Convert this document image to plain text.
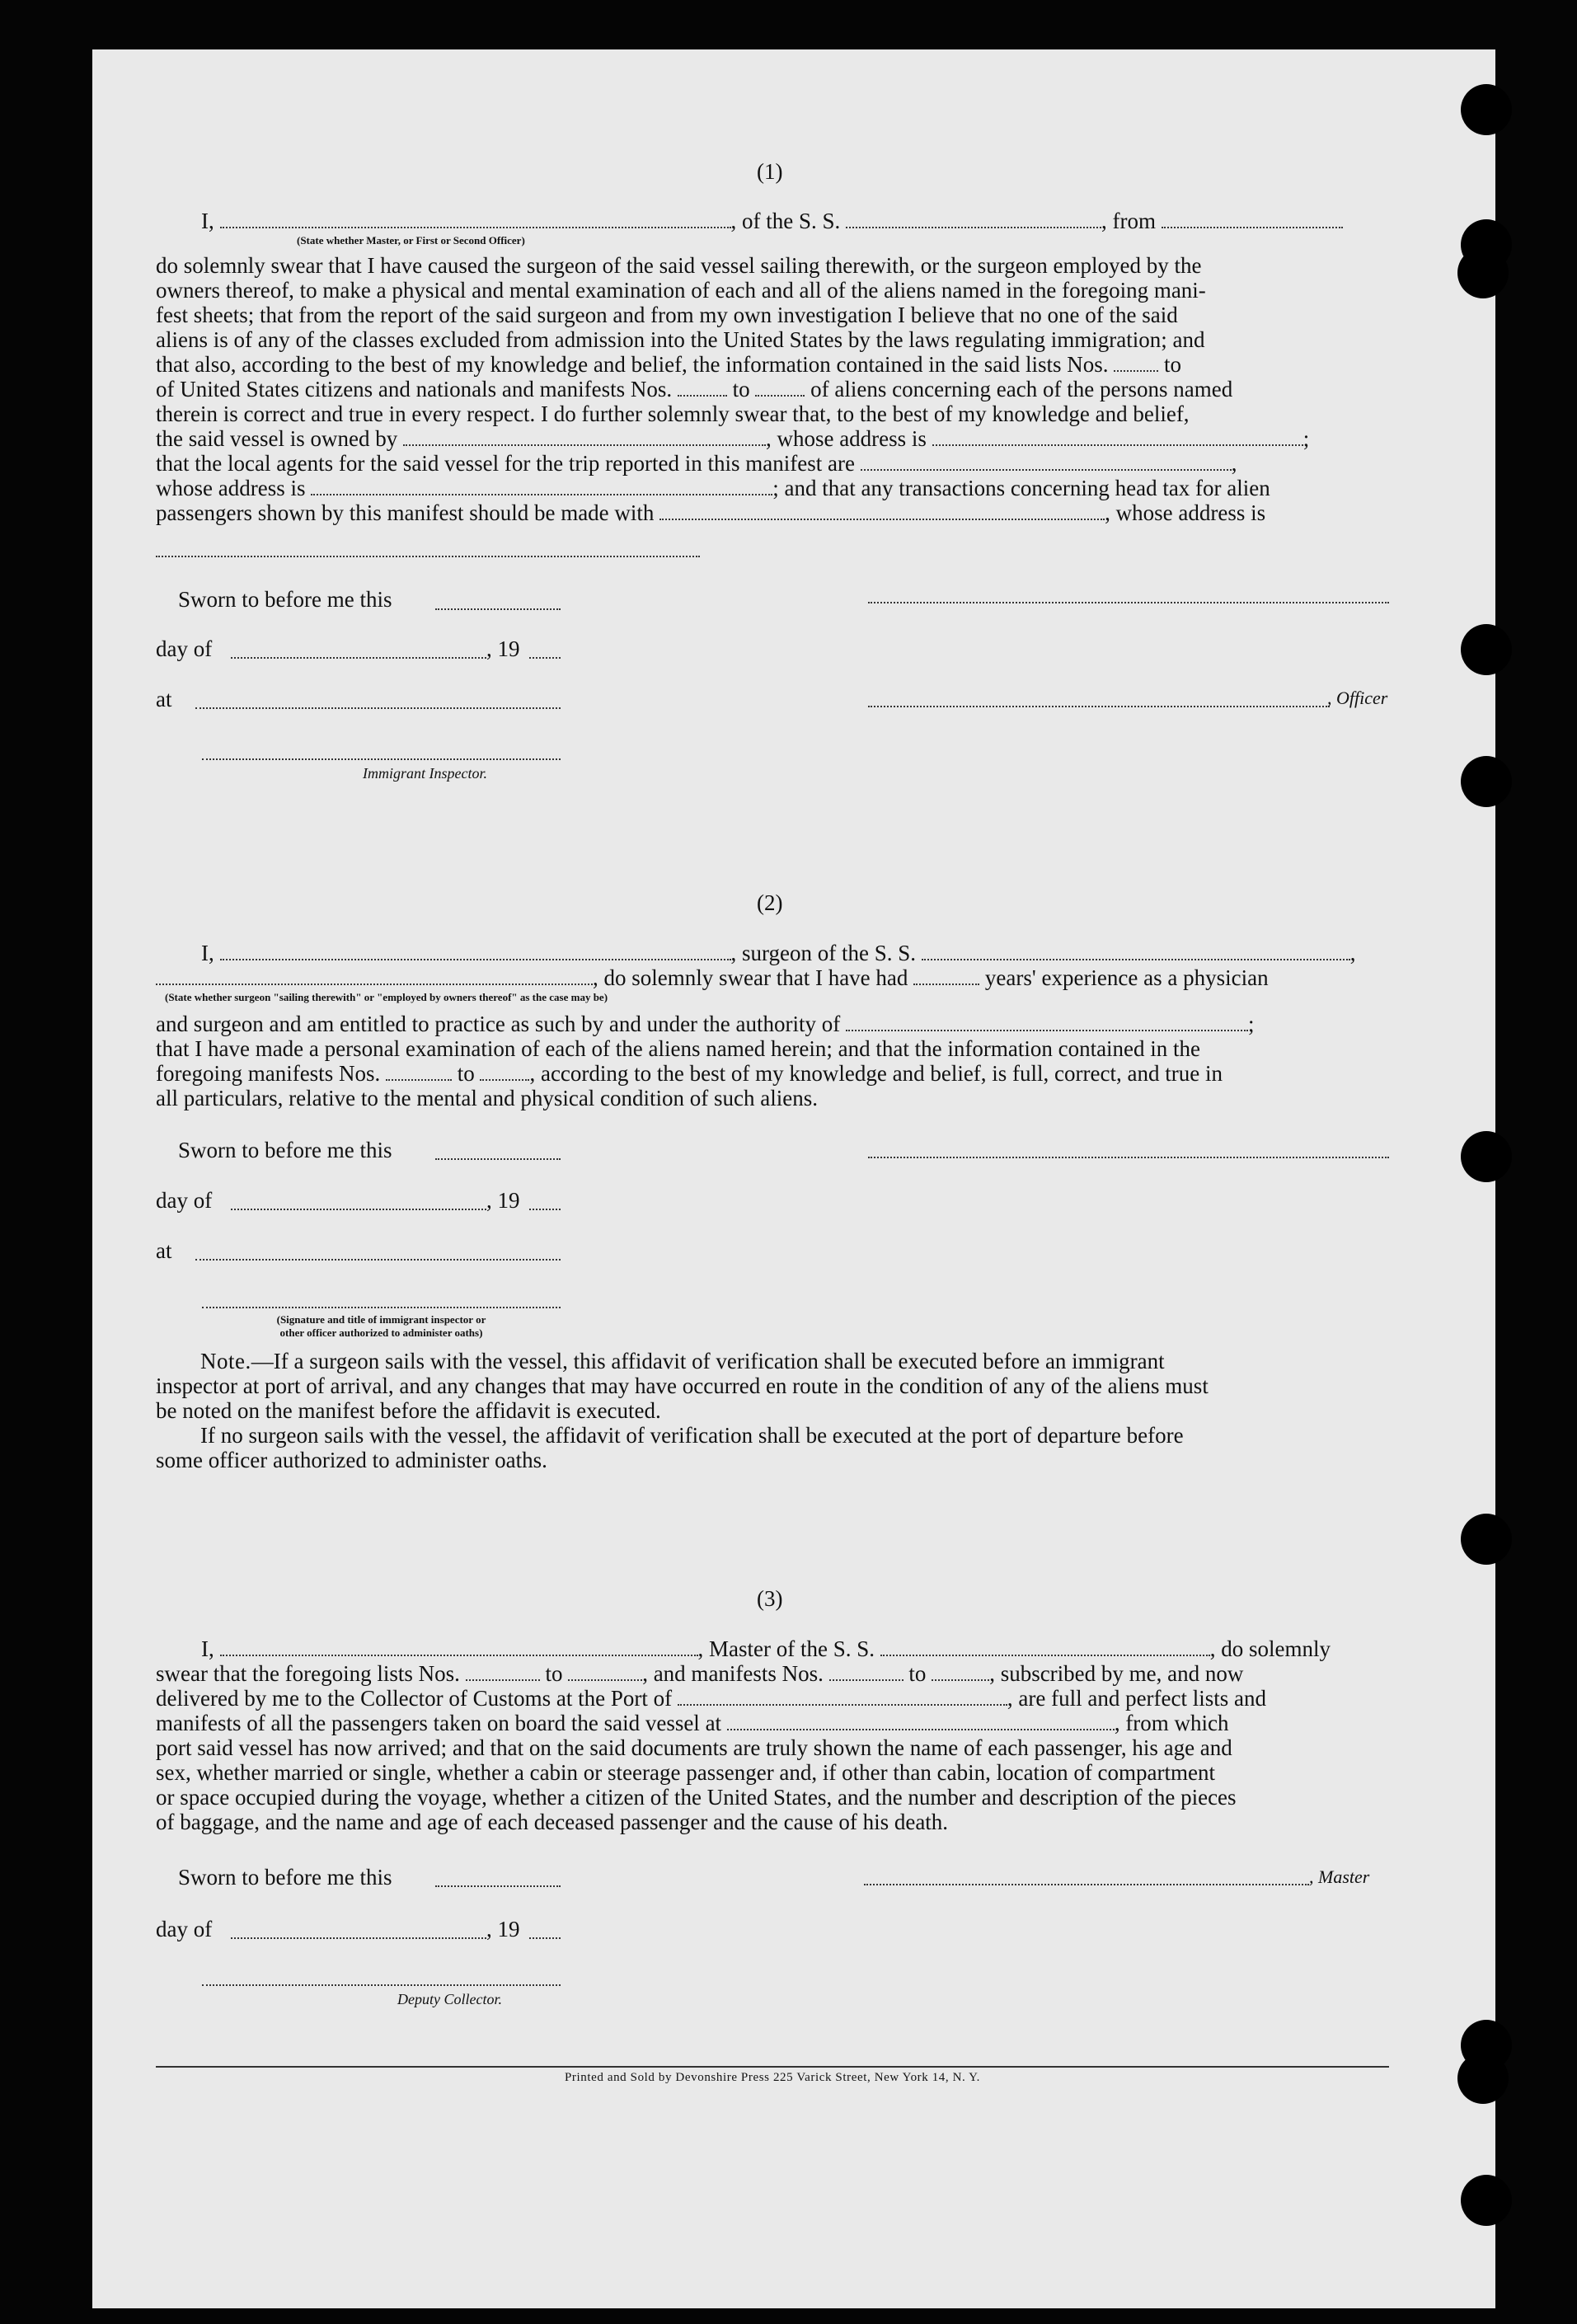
(1)
I,	, of the S. S.	, from
(State whether Master, or First or Second Officer)
do solemnly swear that I have caused the surgeon of the said vessel sailing therewith, or the surgeon employed by the
owners thereof, to make a physical and mental examination of each and all of the aliens named in the foregoing mani-
fest sheets; that from the report of the said surgeon and from my own investigation I believe that no one of the said
aliens is of any of the classes excluded from admission into the United States by the laws regulating immigration; and
that also, according to the best of my knowledge and belief, the information contained in the said lists Nos.	to
of United States citizens and nationals and manifests Nos.	to	of aliens concerning each of the persons named
therein is correct and true in every respect. I do further solemnly swear that, to the best of my knowledge and belief,
the said vessel is owned by	, whose address is	;
that the local agents for the said vessel for the trip reported in this manifest are	,
whose address is	; and that any transactions concerning head tax for alien
passengers shown by this manifest should be made with	, whose address is
Sworn to before me this
day of	, 19
at	, Officer
Immigrant Inspector.
(2)
I,	, surgeon of the S. S.	,
, do solemnly swear that I have had	years' experience as a physician
(State whether surgeon "sailing therewith" or "employed by owners thereof" as the case may be)
and surgeon and am entitled to practice as such by and under the authority of	;
that I have made a personal examination of each of the aliens named herein; and that the information contained in the
foregoing manifests Nos.	to , according to the best of my knowledge and belief, is full, correct, and true in
all particulars, relative to the mental and physical condition of such aliens.
Sworn to before me this
day of	, 19
at
(Signature and title of immigrant inspector or
other officer authorized to administer oaths)
Note.—If a surgeon sails with the vessel, this affidavit of verification shall be executed before an immigrant
inspector at port of arrival, and any changes that may have occurred en route in the condition of any of the aliens must
be noted on the manifest before the affidavit is executed.
If no surgeon sails with the vessel, the affidavit of verification shall be executed at the port of departure before
some officer authorized to administer oaths.
(3)
I,	, Master of the S. S.	, do solemnly
swear that the foregoing lists Nos.	to	, and manifests Nos.	to	, subscribed by me, and now
delivered by me to the Collector of Customs at the Port of	, are full and perfect lists and
manifests of all the passengers taken on board the said vessel at	, from which
port said vessel has now arrived; and that on the said documents are truly shown the name of each passenger, his age and
sex, whether married or single, whether a cabin or steerage passenger and, if other than cabin, location of compartment
or space occupied during the voyage, whether a citizen of the United States, and the number and description of the pieces
of baggage, and the name and age of each deceased passenger and the cause of his death.
Sworn to before me this	, Master
day of	, 19
Deputy Collector.
Printed and Sold by Devonshire Press 225 Varick Street, New York 14, N. Y.
